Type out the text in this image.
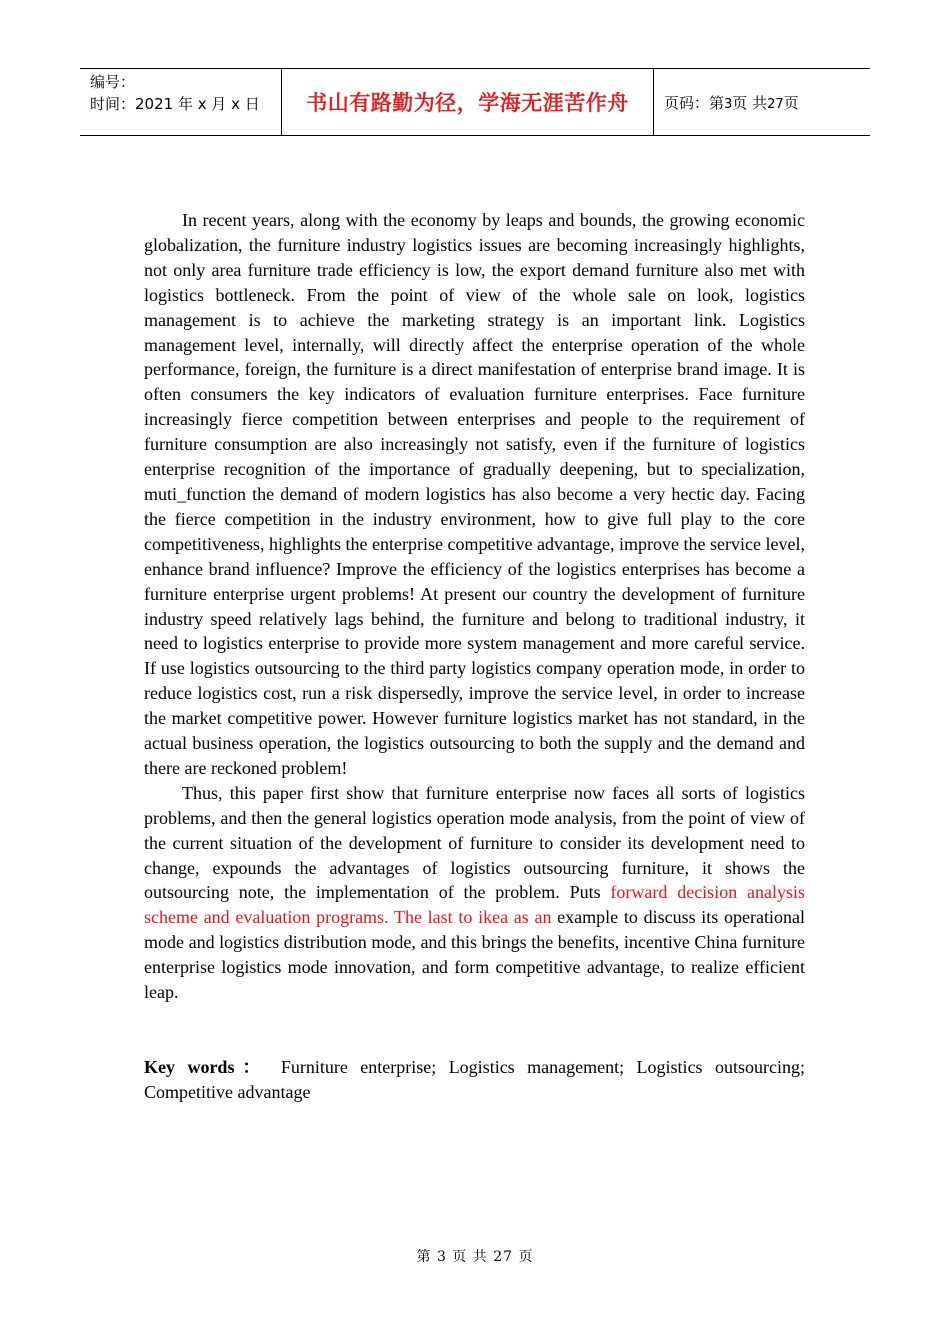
编号：
时间：2021 年 x 月 x 日	书山有路勤为径，学海无涯苦作舟 页码：第3页 共27页

In recent years, along with the economy by leaps and bounds, the growing economic globalization, the furniture industry logistics issues are becoming increasingly highlights, not only area furniture trade efficiency is low, the export demand furniture also met with logistics bottleneck. From the point of view of the whole sale on look, logistics management is to achieve the marketing strategy is an important link. Logistics management level, internally, will directly affect the enterprise operation of the whole performance, foreign, the furniture is a direct manifestation of enterprise brand image. It is often consumers the key indicators of evaluation furniture enterprises. Face furniture increasingly fierce competition between enterprises and people to the requirement of furniture consumption are also increasingly not satisfy, even if the furniture of logistics enterprise recognition of the importance of gradually deepening, but to specialization, muti_function the demand of modern logistics has also become a very hectic day. Facing the fierce competition in the industry environment, how to give full play to the core competitiveness, highlights the enterprise competitive advantage, improve the service level, enhance brand influence? Improve the efficiency of the logistics enterprises has become a furniture enterprise urgent problems! At present our country the development of furniture industry speed relatively lags behind, the furniture and belong to traditional industry, it need to logistics enterprise to provide more system management and more careful service. If use logistics outsourcing to the third party logistics company operation mode, in order to reduce logistics cost, run a risk dispersedly, improve the service level, in order to increase the market competitive power. However furniture logistics market has not standard, in the actual business operation, the logistics outsourcing to both the supply and the demand and there are reckoned problem!

Thus, this paper first show that furniture enterprise now faces all sorts of logistics problems, and then the general logistics operation mode analysis, from the point of view of the current situation of the development of furniture to consider its development need to change, expounds the advantages of logistics outsourcing furniture, it shows the outsourcing note, the implementation of the problem. Puts forward decision analysis scheme and evaluation programs. The last to ikea as an example to discuss its operational mode and logistics distribution mode, and this brings the benefits, incentive China furniture enterprise logistics mode innovation, and form competitive advantage, to realize efficient leap.

Key words： Furniture enterprise; Logistics management; Logistics outsourcing; Competitive advantage
第 3 页 共 27 页
